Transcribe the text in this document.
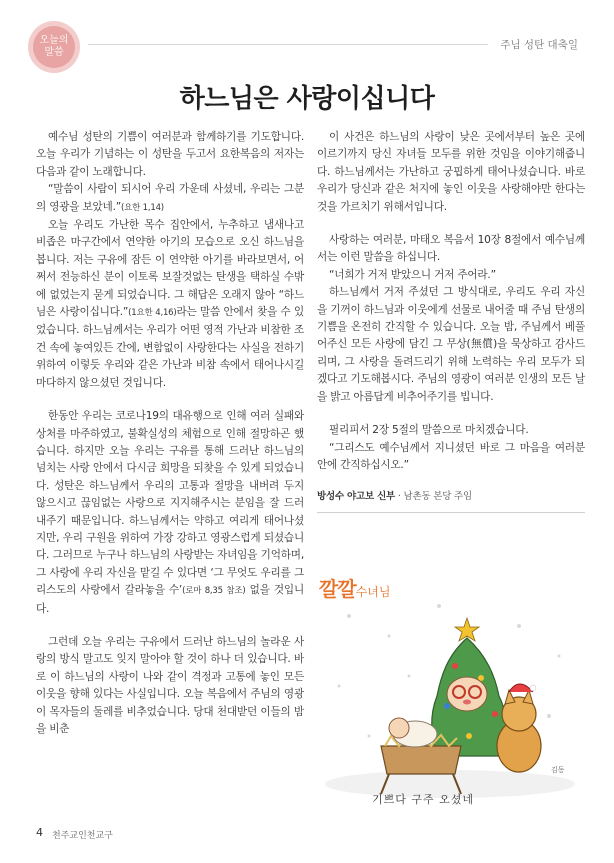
오늘의
말씀
주님 성탄 대축일
하느님은 사랑이십니다

예수님 성탄의 기쁨이 여러분과 함께하기를 기도합니다. 오늘 우리가 기념하는 이 성탄을 두고서 요한복음의 저자는 다음과 같이 노래합니다.

“말씀이 사람이 되시어 우리 가운데 사셨네, 우리는 그분의 영광을 보았네.”(요한 1,14)

오늘 우리도 가난한 목수 집안에서, 누추하고 냄새나고 비좁은 마구간에서 연약한 아기의 모습으로 오신 하느님을 봅니다. 저는 구유에 잠든 이 연약한 아기를 바라보면서, 어쩌서 전능하신 분이 이토록 보잘것없는 탄생을 택하실 수밖에 없었는지 묻게 되었습니다. 그 해답은 오래지 않아 “하느님은 사랑이십니다.”(1요한 4,16)라는 말씀 안에서 찾을 수 있었습니다. 하느님께서는 우리가 어떤 영적 가난과 비참한 조건 속에 놓여있든 간에, 변함없이 사랑한다는 사실을 전하기 위하여 이렇듯 우리와 같은 가난과 비참 속에서 태어나시길 마다하지 않으셨던 것입니다.

한동안 우리는 코로나19의 대유행으로 인해 여러 실패와 상처를 마주하였고, 불확실성의 체험으로 인해 절망하곤 했습니다. 하지만 오늘 우리는 구유를 통해 드러난 하느님의 넘치는 사랑 안에서 다시금 희망을 되찾을 수 있게 되었습니다. 성탄은 하느님께서 우리의 고통과 절망을 내버려 두지 않으시고 끊임없는 사랑으로 지지해주시는 분임을 잘 드러내주기 때문입니다. 하느님께서는 약하고 여리게 태어나셨지만, 우리 구원을 위하여 가장 강하고 영광스럽게 되셨습니다. 그러므로 누구나 하느님의 사랑받는 자녀임을 기억하며, 그 사랑에 우리 자신을 맡길 수 있다면 ‘그 무엇도 우리를 그리스도의 사랑에서 갈라놓을 수’(로마 8,35 참조) 없을 것입니다.

그런데 오늘 우리는 구유에서 드러난 하느님의 놀라운 사랑의 방식 말고도 잊지 말아야 할 것이 하나 더 있습니다. 바로 이 하느님의 사랑이 나와 같이 격정과 고통에 놓인 모든 이웃을 향해 있다는 사실입니다. 오늘 복음에서 주님의 영광이 목자들의 둘레를 비추었습니다. 당대 천대받던 이들의 밤을 비춘

이 사건은 하느님의 사랑이 낮은 곳에서부터 높은 곳에 이르기까지 당신 자녀들 모두를 위한 것임을 이야기해줍니다. 하느님께서는 가난하고 궁핍하게 태어나셨습니다. 바로 우리가 당신과 같은 처지에 놓인 이웃을 사랑해야만 한다는 것을 가르치기 위해서입니다.

사랑하는 여러분, 마태오 복음서 10장 8절에서 예수님께서는 이런 말씀을 하십니다.

“너희가 거저 받았으니 거저 주어라.”

하느님께서 거저 주셨던 그 방식대로, 우리도 우리 자신을 기꺼이 하느님과 이웃에게 선물로 내어줄 때 주님 탄생의 기쁨을 온전히 간직할 수 있습니다. 오늘 밤, 주님께서 베풀어주신 모든 사랑에 담긴 그 무상(無償)을 묵상하고 감사드리며, 그 사랑을 돌려드리기 위해 노력하는 우리 모두가 되겠다고 기도해봅시다. 주님의 영광이 여러분 인생의 모든 날을 밝고 아름답게 비추어주기를 빕니다.

필리피서 2장 5절의 말씀으로 마치겠습니다.

“그리스도 예수님께서 지니셨던 바로 그 마음을 여러분 안에 간직하십시오.”

방성수 야고보 신부 · 남촌동 본당 주임
깔깔수녀님
김동
기쁘다 구주 오셨네
4 천주교인천교구
